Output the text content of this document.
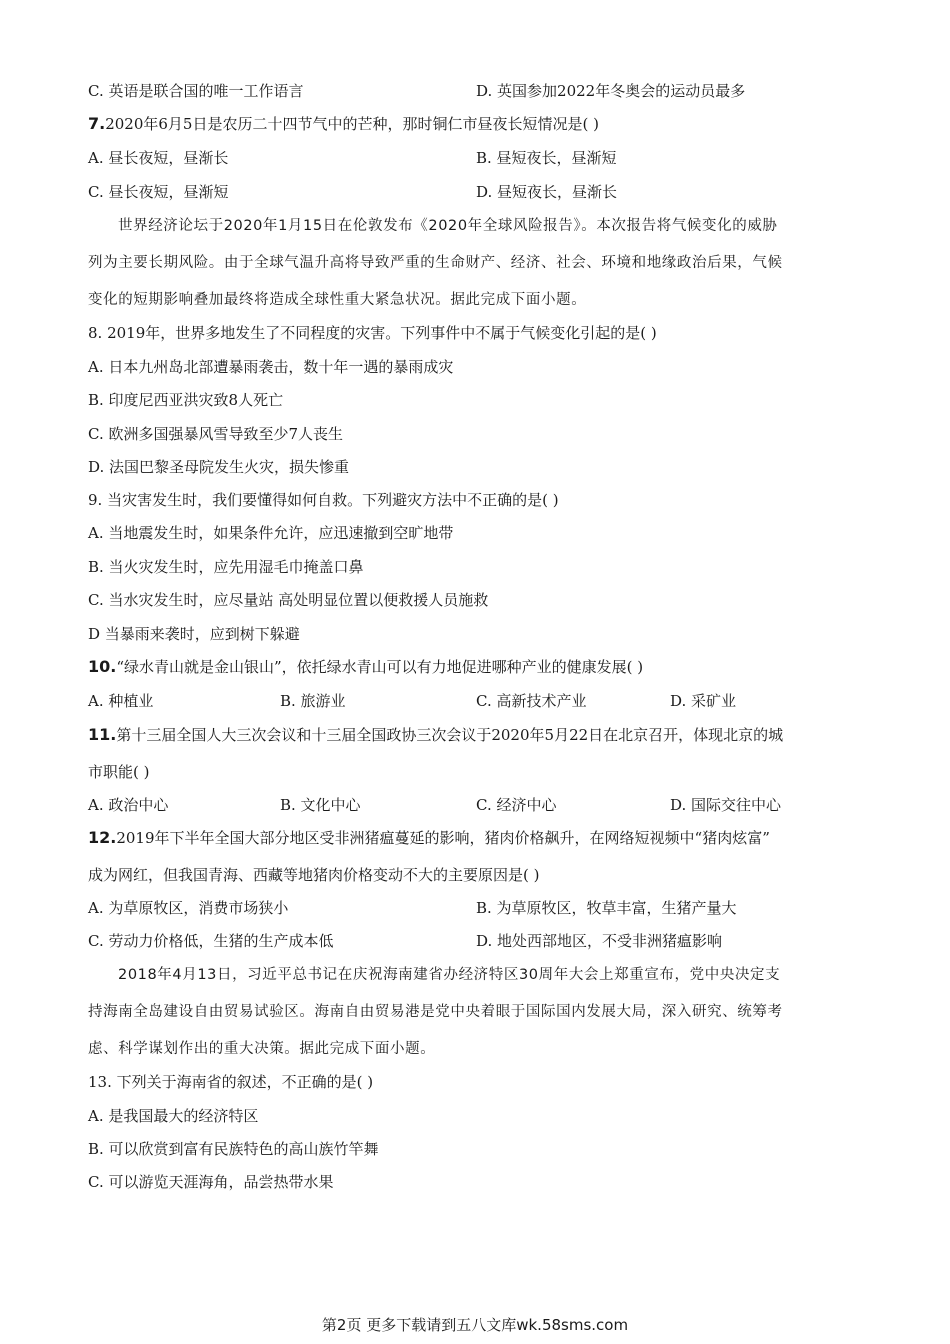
C. 英语是联合国的唯一工作语言	D. 英国参加2022年冬奥会的运动员最多
7.2020年6月5日是农历二十四节气中的芒种，那时铜仁市昼夜长短情况是( )
A. 昼长夜短，昼渐长	B. 昼短夜长，昼渐短
C. 昼长夜短，昼渐短	D. 昼短夜长，昼渐长
世界经济论坛于2020年1月15日在伦敦发布《2020年全球风险报告》。本次报告将气候变化的威胁
列为主要长期风险。由于全球气温升高将导致严重的生命财产、经济、社会、环境和地缘政治后果，气候
变化的短期影响叠加最终将造成全球性重大紧急状况。据此完成下面小题。
8. 2019年，世界多地发生了不同程度的灾害。下列事件中不属于气候变化引起的是( )
A. 日本九州岛北部遭暴雨袭击，数十年一遇的暴雨成灾
B. 印度尼西亚洪灾致8人死亡
C. 欧洲多国强暴风雪导致至少7人丧生
D. 法国巴黎圣母院发生火灾，损失惨重
9. 当灾害发生时，我们要懂得如何自救。下列避灾方法中不正确的是( )
A. 当地震发生时，如果条件允许，应迅速撤到空旷地带
B. 当火灾发生时，应先用湿毛巾掩盖口鼻
C. 当水灾发生时，应尽量站 高处明显位置以便救援人员施救
D 当暴雨来袭时，应到树下躲避
10.“绿水青山就是金山银山”，依托绿水青山可以有力地促进哪种产业的健康发展( )
A. 种植业	B. 旅游业	C. 高新技术产业	D. 采矿业
11.第十三届全国人大三次会议和十三届全国政协三次会议于2020年5月22日在北京召开，体现北京的城
市职能( )
A. 政治中心	B. 文化中心	C. 经济中心	D. 国际交往中心
12.2019年下半年全国大部分地区受非洲猪瘟蔓延的影响，猪肉价格飙升，在网络短视频中“猪肉炫富”
成为网红，但我国青海、西藏等地猪肉价格变动不大的主要原因是( )
A. 为草原牧区，消费市场狭小	B. 为草原牧区，牧草丰富，生猪产量大
C. 劳动力价格低，生猪的生产成本低	D. 地处西部地区，不受非洲猪瘟影响
2018年4月13日，习近平总书记在庆祝海南建省办经济特区30周年大会上郑重宣布，党中央决定支
持海南全岛建设自由贸易试验区。海南自由贸易港是党中央着眼于国际国内发展大局，深入研究、统筹考
虑、科学谋划作出的重大决策。据此完成下面小题。
13. 下列关于海南省的叙述，不正确的是( )
A. 是我国最大的经济特区
B. 可以欣赏到富有民族特色的高山族竹竿舞
C. 可以游览天涯海角，品尝热带水果
第2页 更多下载请到五八文库wk.58sms.com
